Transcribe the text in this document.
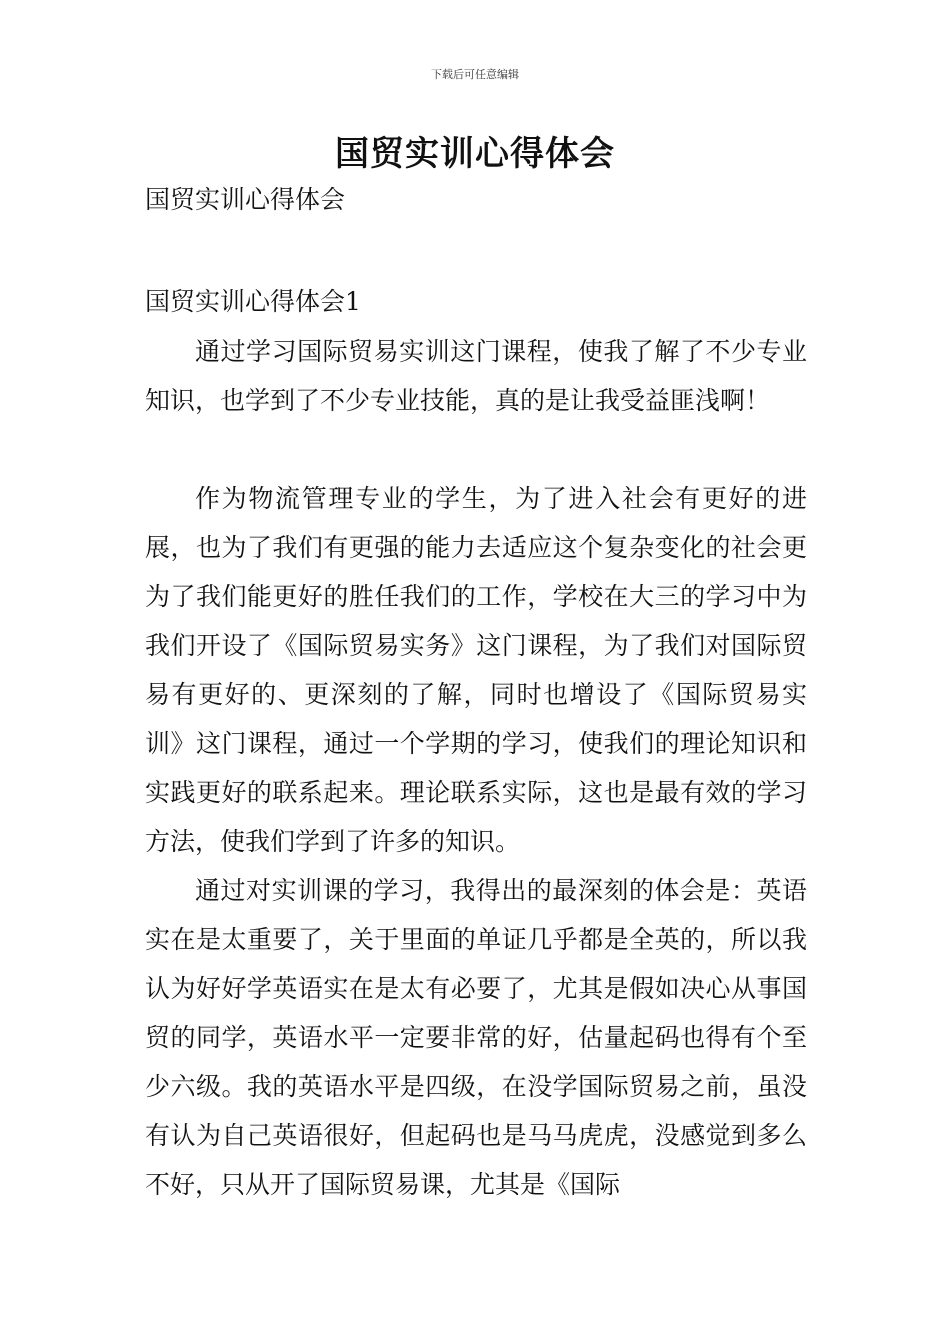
下载后可任意编辑
国贸实训心得体会

国贸实训心得体会

国贸实训心得体会1

通过学习国际贸易实训这门课程，使我了解了不少专业知识，也学到了不少专业技能，真的是让我受益匪浅啊！

作为物流管理专业的学生，为了进入社会有更好的进展，也为了我们有更强的能力去适应这个复杂变化的社会更为了我们能更好的胜任我们的工作，学校在大三的学习中为我们开设了《国际贸易实务》这门课程，为了我们对国际贸易有更好的、更深刻的了解，同时也增设了《国际贸易实训》这门课程，通过一个学期的学习，使我们的理论知识和实践更好的联系起来。理论联系实际，这也是最有效的学习方法，使我们学到了许多的知识。

通过对实训课的学习，我得出的最深刻的体会是：英语实在是太重要了，关于里面的单证几乎都是全英的，所以我认为好好学英语实在是太有必要了，尤其是假如决心从事国贸的同学，英语水平一定要非常的好，估量起码也得有个至少六级。我的英语水平是四级，在没学国际贸易之前，虽没有认为自己英语很好，但起码也是马马虎虎，没感觉到多么不好，只从开了国际贸易课，尤其是《国际
